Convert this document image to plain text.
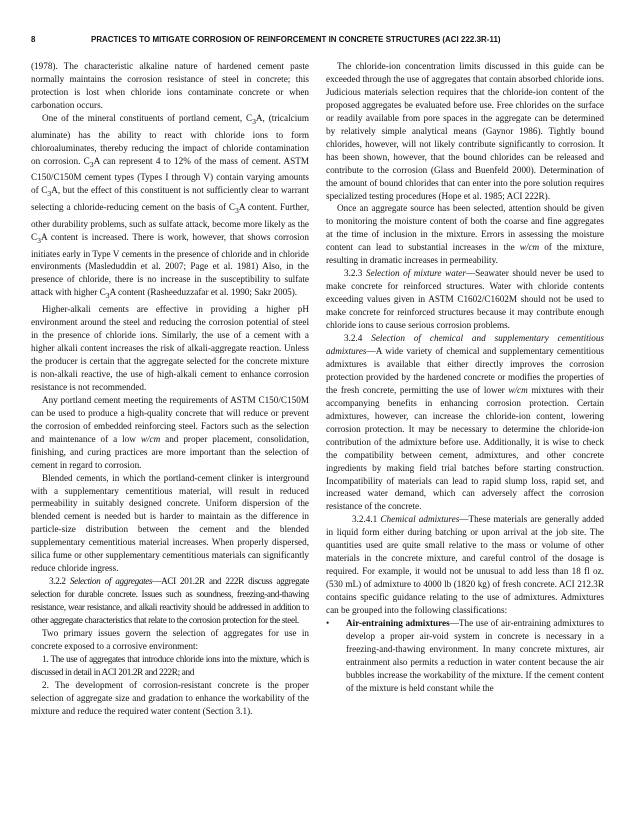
8	PRACTICES TO MITIGATE CORROSION OF REINFORCEMENT IN CONCRETE STRUCTURES (ACI 222.3R-11)

(1978). The characteristic alkaline nature of hardened cement paste normally maintains the corrosion resistance of steel in concrete; this protection is lost when chloride ions contaminate concrete or when carbonation occurs.

One of the mineral constituents of portland cement, $C_3A$, (tricalcium aluminate) has the ability to react with chloride ions to form chloroaluminates, thereby reducing the impact of chloride contamination on corrosion. $C_3A$ can represent 4 to 12% of the mass of cement. ASTM C150/C150M cement types (Types I through V) contain varying amounts of $C_3A$, but the effect of this constituent is not sufficiently clear to warrant selecting a chloride-reducing cement on the basis of $C_3A$ content. Further, other durability problems, such as sulfate attack, become more likely as the $C_3A$ content is increased. There is work, however, that shows corrosion initiates early in Type V cements in the presence of chloride and in chloride environments (Masleduddin et al. 2007; Page et al. 1981) Also, in the presence of chloride, there is no increase in the susceptibility to sulfate attack with higher $C_3A$ content (Rasheeduzzafar et al. 1990; Sakr 2005).

Higher-alkali cements are effective in providing a higher pH environment around the steel and reducing the corrosion potential of steel in the presence of chloride ions. Similarly, the use of a cement with a higher alkali content increases the risk of alkali-aggregate reaction. Unless the producer is certain that the aggregate selected for the concrete mixture is non-alkali reactive, the use of high-alkali cement to enhance corrosion resistance is not recommended.

Any portland cement meeting the requirements of ASTM C150/C150M can be used to produce a high-quality concrete that will reduce or prevent the corrosion of embedded reinforcing steel. Factors such as the selection and maintenance of a low w/cm and proper placement, consolidation, finishing, and curing practices are more important than the selection of cement in regard to corrosion.

Blended cements, in which the portland-cement clinker is interground with a supplementary cementitious material, will result in reduced permeability in suitably designed concrete. Uniform dispersion of the blended cement is needed but is harder to maintain as the difference in particle-size distribution between the cement and the blended supplementary cementitious material increases. When properly dispersed, silica fume or other supplementary cementitious materials can significantly reduce chloride ingress.

3.2.2 Selection of aggregates—ACI 201.2R and 222R discuss aggregate selection for durable concrete. Issues such as soundness, freezing-and-thawing resistance, wear resistance, and alkali reactivity should be addressed in addition to other aggregate characteristics that relate to the corrosion protection for the steel.

Two primary issues govern the selection of aggregates for use in concrete exposed to a corrosive environment:

1. The use of aggregates that introduce chloride ions into the mixture, which is discussed in detail in ACI 201.2R and 222R; and

2. The development of corrosion-resistant concrete is the proper selection of aggregate size and gradation to enhance the workability of the mixture and reduce the required water content (Section 3.1).

The chloride-ion concentration limits discussed in this guide can be exceeded through the use of aggregates that contain absorbed chloride ions. Judicious materials selection requires that the chloride-ion content of the proposed aggregates be evaluated before use. Free chlorides on the surface or readily available from pore spaces in the aggregate can be determined by relatively simple analytical means (Gaynor 1986). Tightly bound chlorides, however, will not likely contribute significantly to corrosion. It has been shown, however, that the bound chlorides can be released and contribute to the corrosion (Glass and Buenfeld 2000). Determination of the amount of bound chlorides that can enter into the pore solution requires specialized testing procedures (Hope et al. 1985; ACI 222R).

Once an aggregate source has been selected, attention should be given to monitoring the moisture content of both the coarse and fine aggregates at the time of inclusion in the mixture. Errors in assessing the moisture content can lead to substantial increases in the w/cm of the mixture, resulting in dramatic increases in permeability.

3.2.3 Selection of mixture water—Seawater should never be used to make concrete for reinforced structures. Water with chloride contents exceeding values given in ASTM C1602/C1602M should not be used to make concrete for reinforced structures because it may contribute enough chloride ions to cause serious corrosion problems.

3.2.4 Selection of chemical and supplementary cementitious admixtures—A wide variety of chemical and supplementary cementitious admixtures is available that either directly improves the corrosion protection provided by the hardened concrete or modifies the properties of the fresh concrete, permitting the use of lower w/cm mixtures with their accompanying benefits in enhancing corrosion protection. Certain admixtures, however, can increase the chloride-ion content, lowering corrosion protection. It may be necessary to determine the chloride-ion contribution of the admixture before use. Additionally, it is wise to check the compatibility between cement, admixtures, and other concrete ingredients by making field trial batches before starting construction. Incompatibility of materials can lead to rapid slump loss, rapid set, and increased water demand, which can adversely affect the corrosion resistance of the concrete.

3.2.4.1 Chemical admixtures—These materials are generally added in liquid form either during batching or upon arrival at the job site. The quantities used are quite small relative to the mass or volume of other materials in the concrete mixture, and careful control of the dosage is required. For example, it would not be unusual to add less than 18 fl oz. (530 mL) of admixture to 4000 lb (1820 kg) of fresh concrete. ACI 212.3R contains specific guidance relating to the use of admixtures. Admixtures can be grouped into the following classifications:

•	Air-entraining admixtures—The use of air-entraining admixtures to develop a proper air-void system in concrete is necessary in a freezing-and-thawing environment. In many concrete mixtures, air entrainment also permits a reduction in water content because the air bubbles increase the workability of the mixture. If the cement content of the mixture is held constant while the
